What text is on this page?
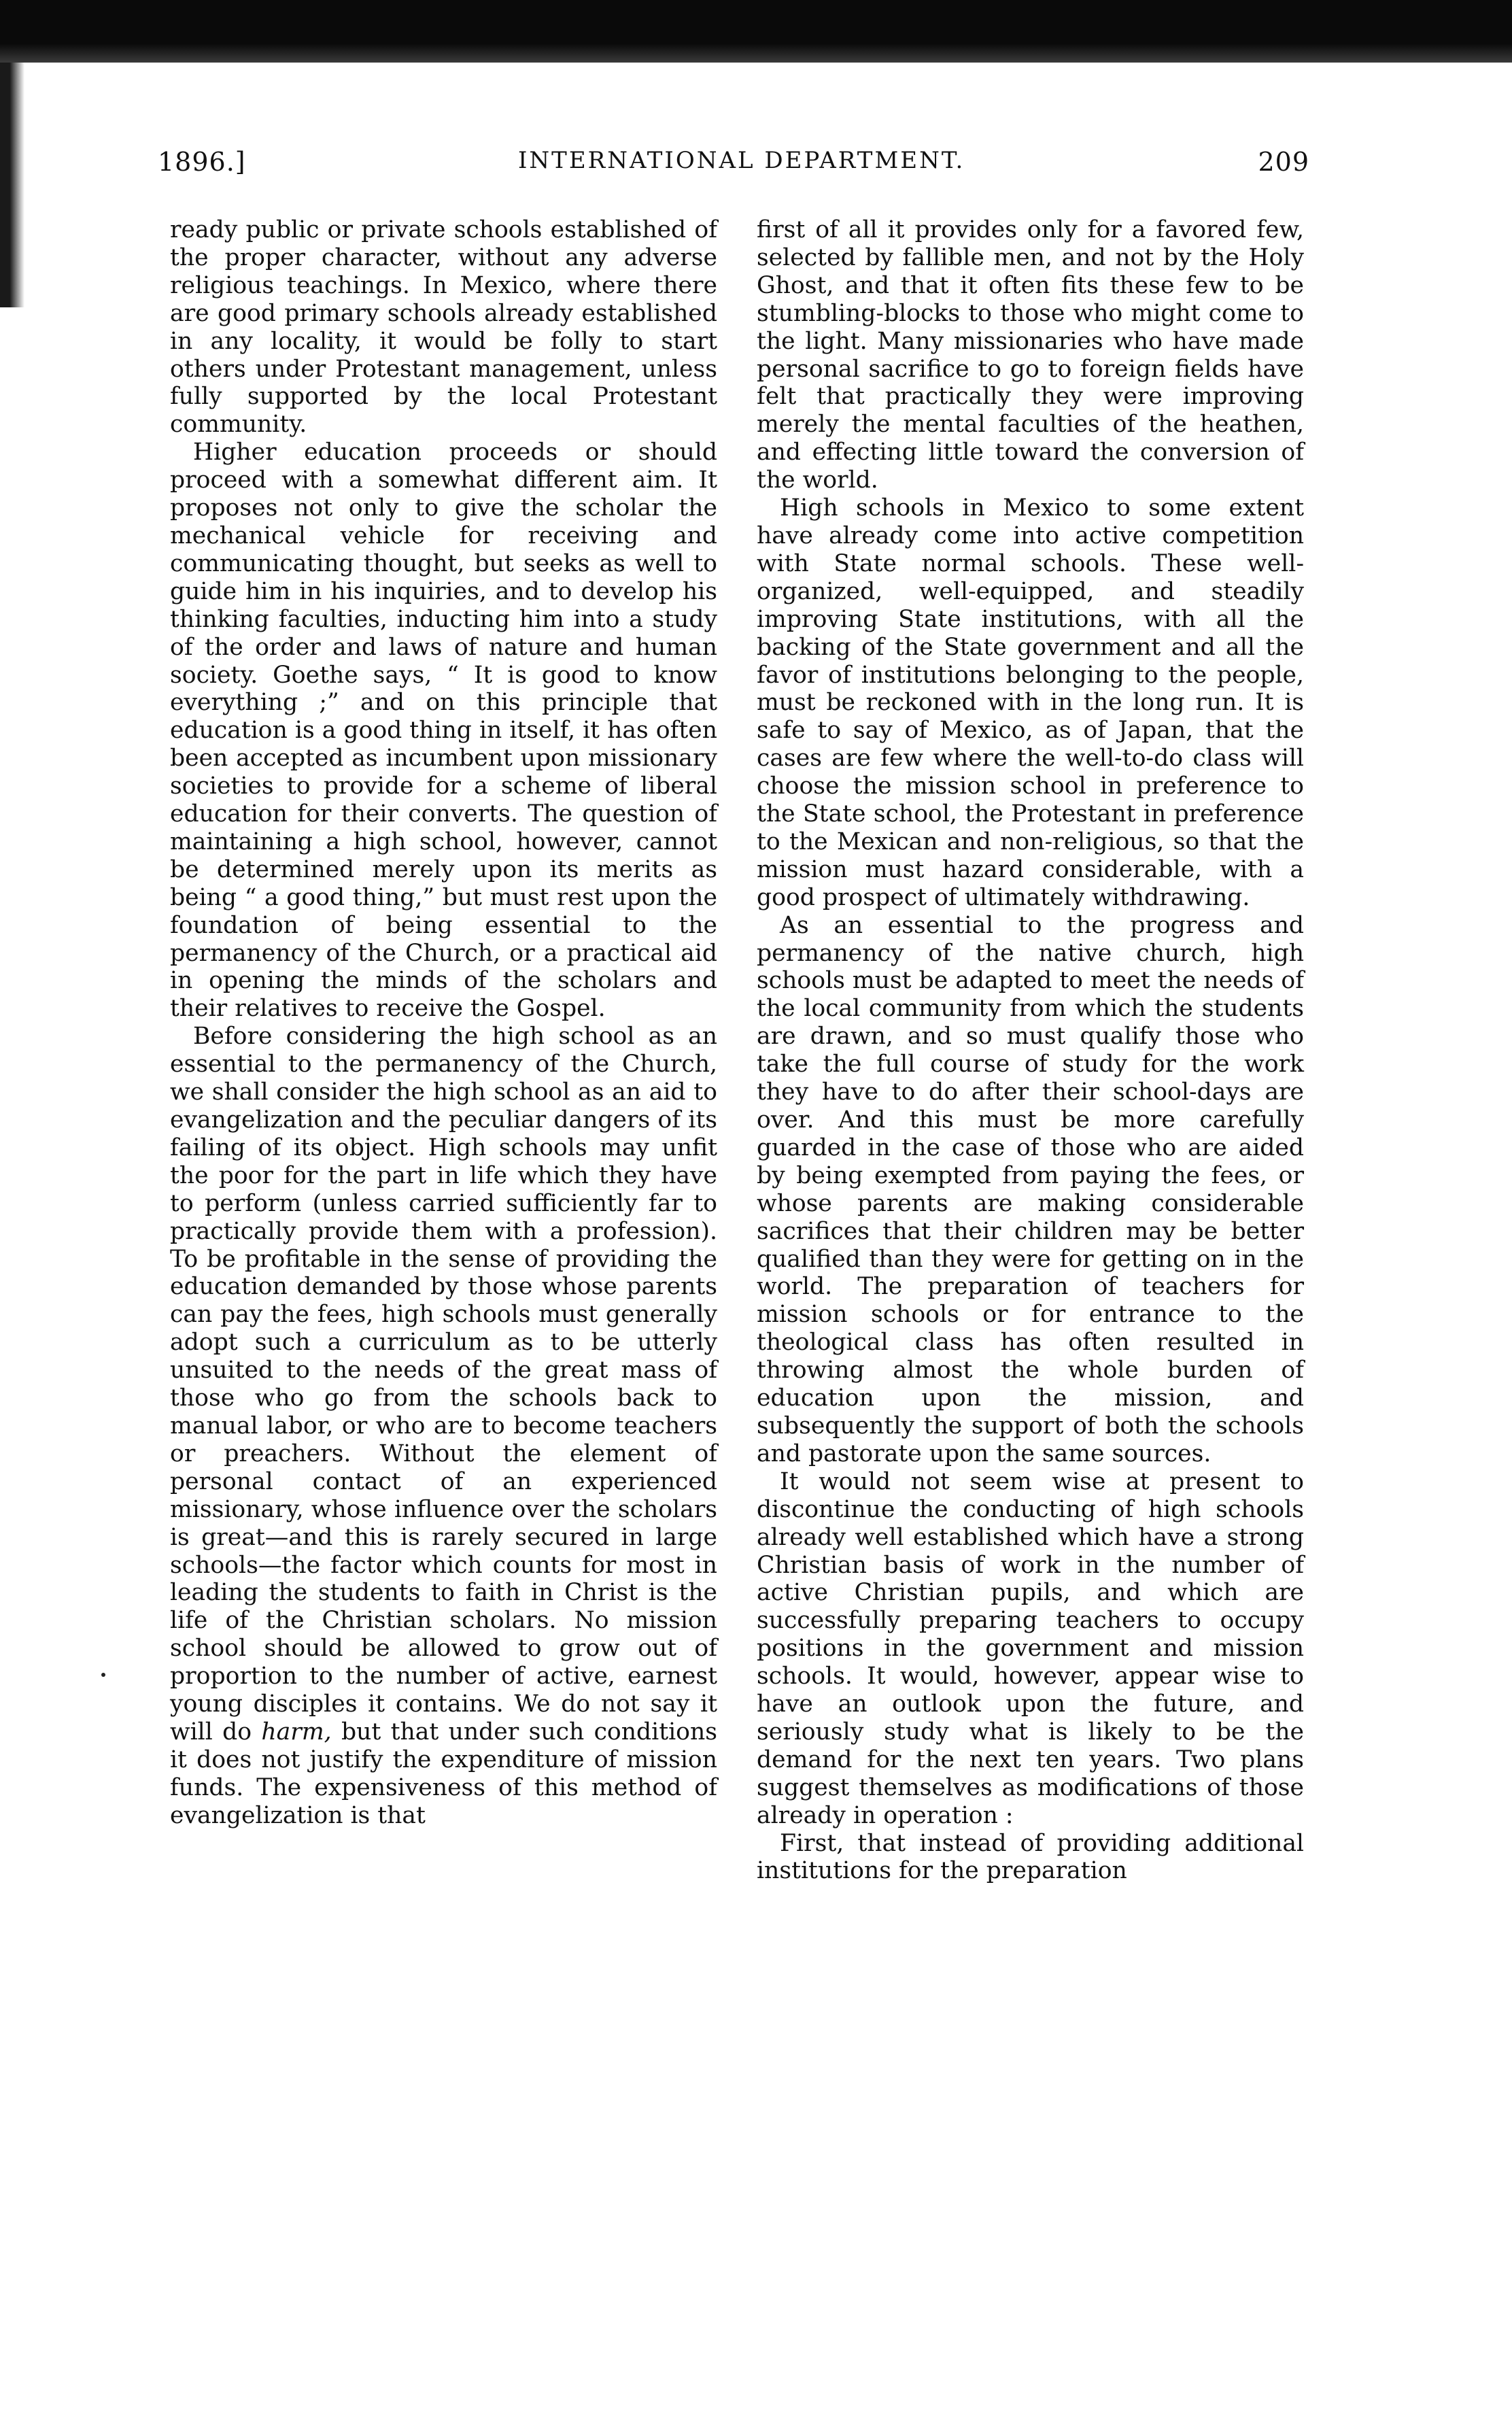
1896.]	INTERNATIONAL DEPARTMENT.	209

ready public or private schools established of the proper character, without any adverse religious teachings. In Mexico, where there are good primary schools already established in any locality, it would be folly to start others under Protestant management, unless fully supported by the local Protestant community.

Higher education proceeds or should proceed with a somewhat different aim. It proposes not only to give the scholar the mechanical vehicle for receiving and communicating thought, but seeks as well to guide him in his inquiries, and to develop his thinking faculties, inducting him into a study of the order and laws of nature and human society. Goethe says, “ It is good to know everything ;” and on this principle that education is a good thing in itself, it has often been accepted as incumbent upon missionary societies to provide for a scheme of liberal education for their converts. The question of maintaining a high school, however, cannot be determined merely upon its merits as being “ a good thing,” but must rest upon the foundation of being essential to the permanency of the Church, or a practical aid in opening the minds of the scholars and their relatives to receive the Gospel.

Before considering the high school as an essential to the permanency of the Church, we shall consider the high school as an aid to evangelization and the peculiar dangers of its failing of its object. High schools may unfit the poor for the part in life which they have to perform (unless carried sufficiently far to practically provide them with a profession). To be profitable in the sense of providing the education demanded by those whose parents can pay the fees, high schools must generally adopt such a curriculum as to be utterly unsuited to the needs of the great mass of those who go from the schools back to manual labor, or who are to become teachers or preachers. Without the element of personal contact of an experienced missionary, whose influence over the scholars is great—and this is rarely secured in large schools—the factor which counts for most in leading the students to faith in Christ is the life of the Christian scholars. No mission school should be allowed to grow out of proportion to the number of active, earnest young disciples it contains. We do not say it will do harm, but that under such conditions it does not justify the expenditure of mission funds. The expensiveness of this method of evangelization is that

first of all it provides only for a favored few, selected by fallible men, and not by the Holy Ghost, and that it often fits these few to be stumbling-blocks to those who might come to the light. Many missionaries who have made personal sacrifice to go to foreign fields have felt that practically they were improving merely the mental faculties of the heathen, and effecting little toward the conversion of the world.

High schools in Mexico to some extent have already come into active competition with State normal schools. These well-organized, well-equipped, and steadily improving State institutions, with all the backing of the State government and all the favor of institutions belonging to the people, must be reckoned with in the long run. It is safe to say of Mexico, as of Japan, that the cases are few where the well-to-do class will choose the mission school in preference to the State school, the Protestant in preference to the Mexican and non-religious, so that the mission must hazard considerable, with a good prospect of ultimately withdrawing.

As an essential to the progress and permanency of the native church, high schools must be adapted to meet the needs of the local community from which the students are drawn, and so must qualify those who take the full course of study for the work they have to do after their school-days are over. And this must be more carefully guarded in the case of those who are aided by being exempted from paying the fees, or whose parents are making considerable sacrifices that their children may be better qualified than they were for getting on in the world. The preparation of teachers for mission schools or for entrance to the theological class has often resulted in throwing almost the whole burden of education upon the mission, and subsequently the support of both the schools and pastorate upon the same sources.

It would not seem wise at present to discontinue the conducting of high schools already well established which have a strong Christian basis of work in the number of active Christian pupils, and which are successfully preparing teachers to occupy positions in the government and mission schools. It would, however, appear wise to have an outlook upon the future, and seriously study what is likely to be the demand for the next ten years. Two plans suggest themselves as modifications of those already in operation :

First, that instead of providing additional institutions for the preparation
